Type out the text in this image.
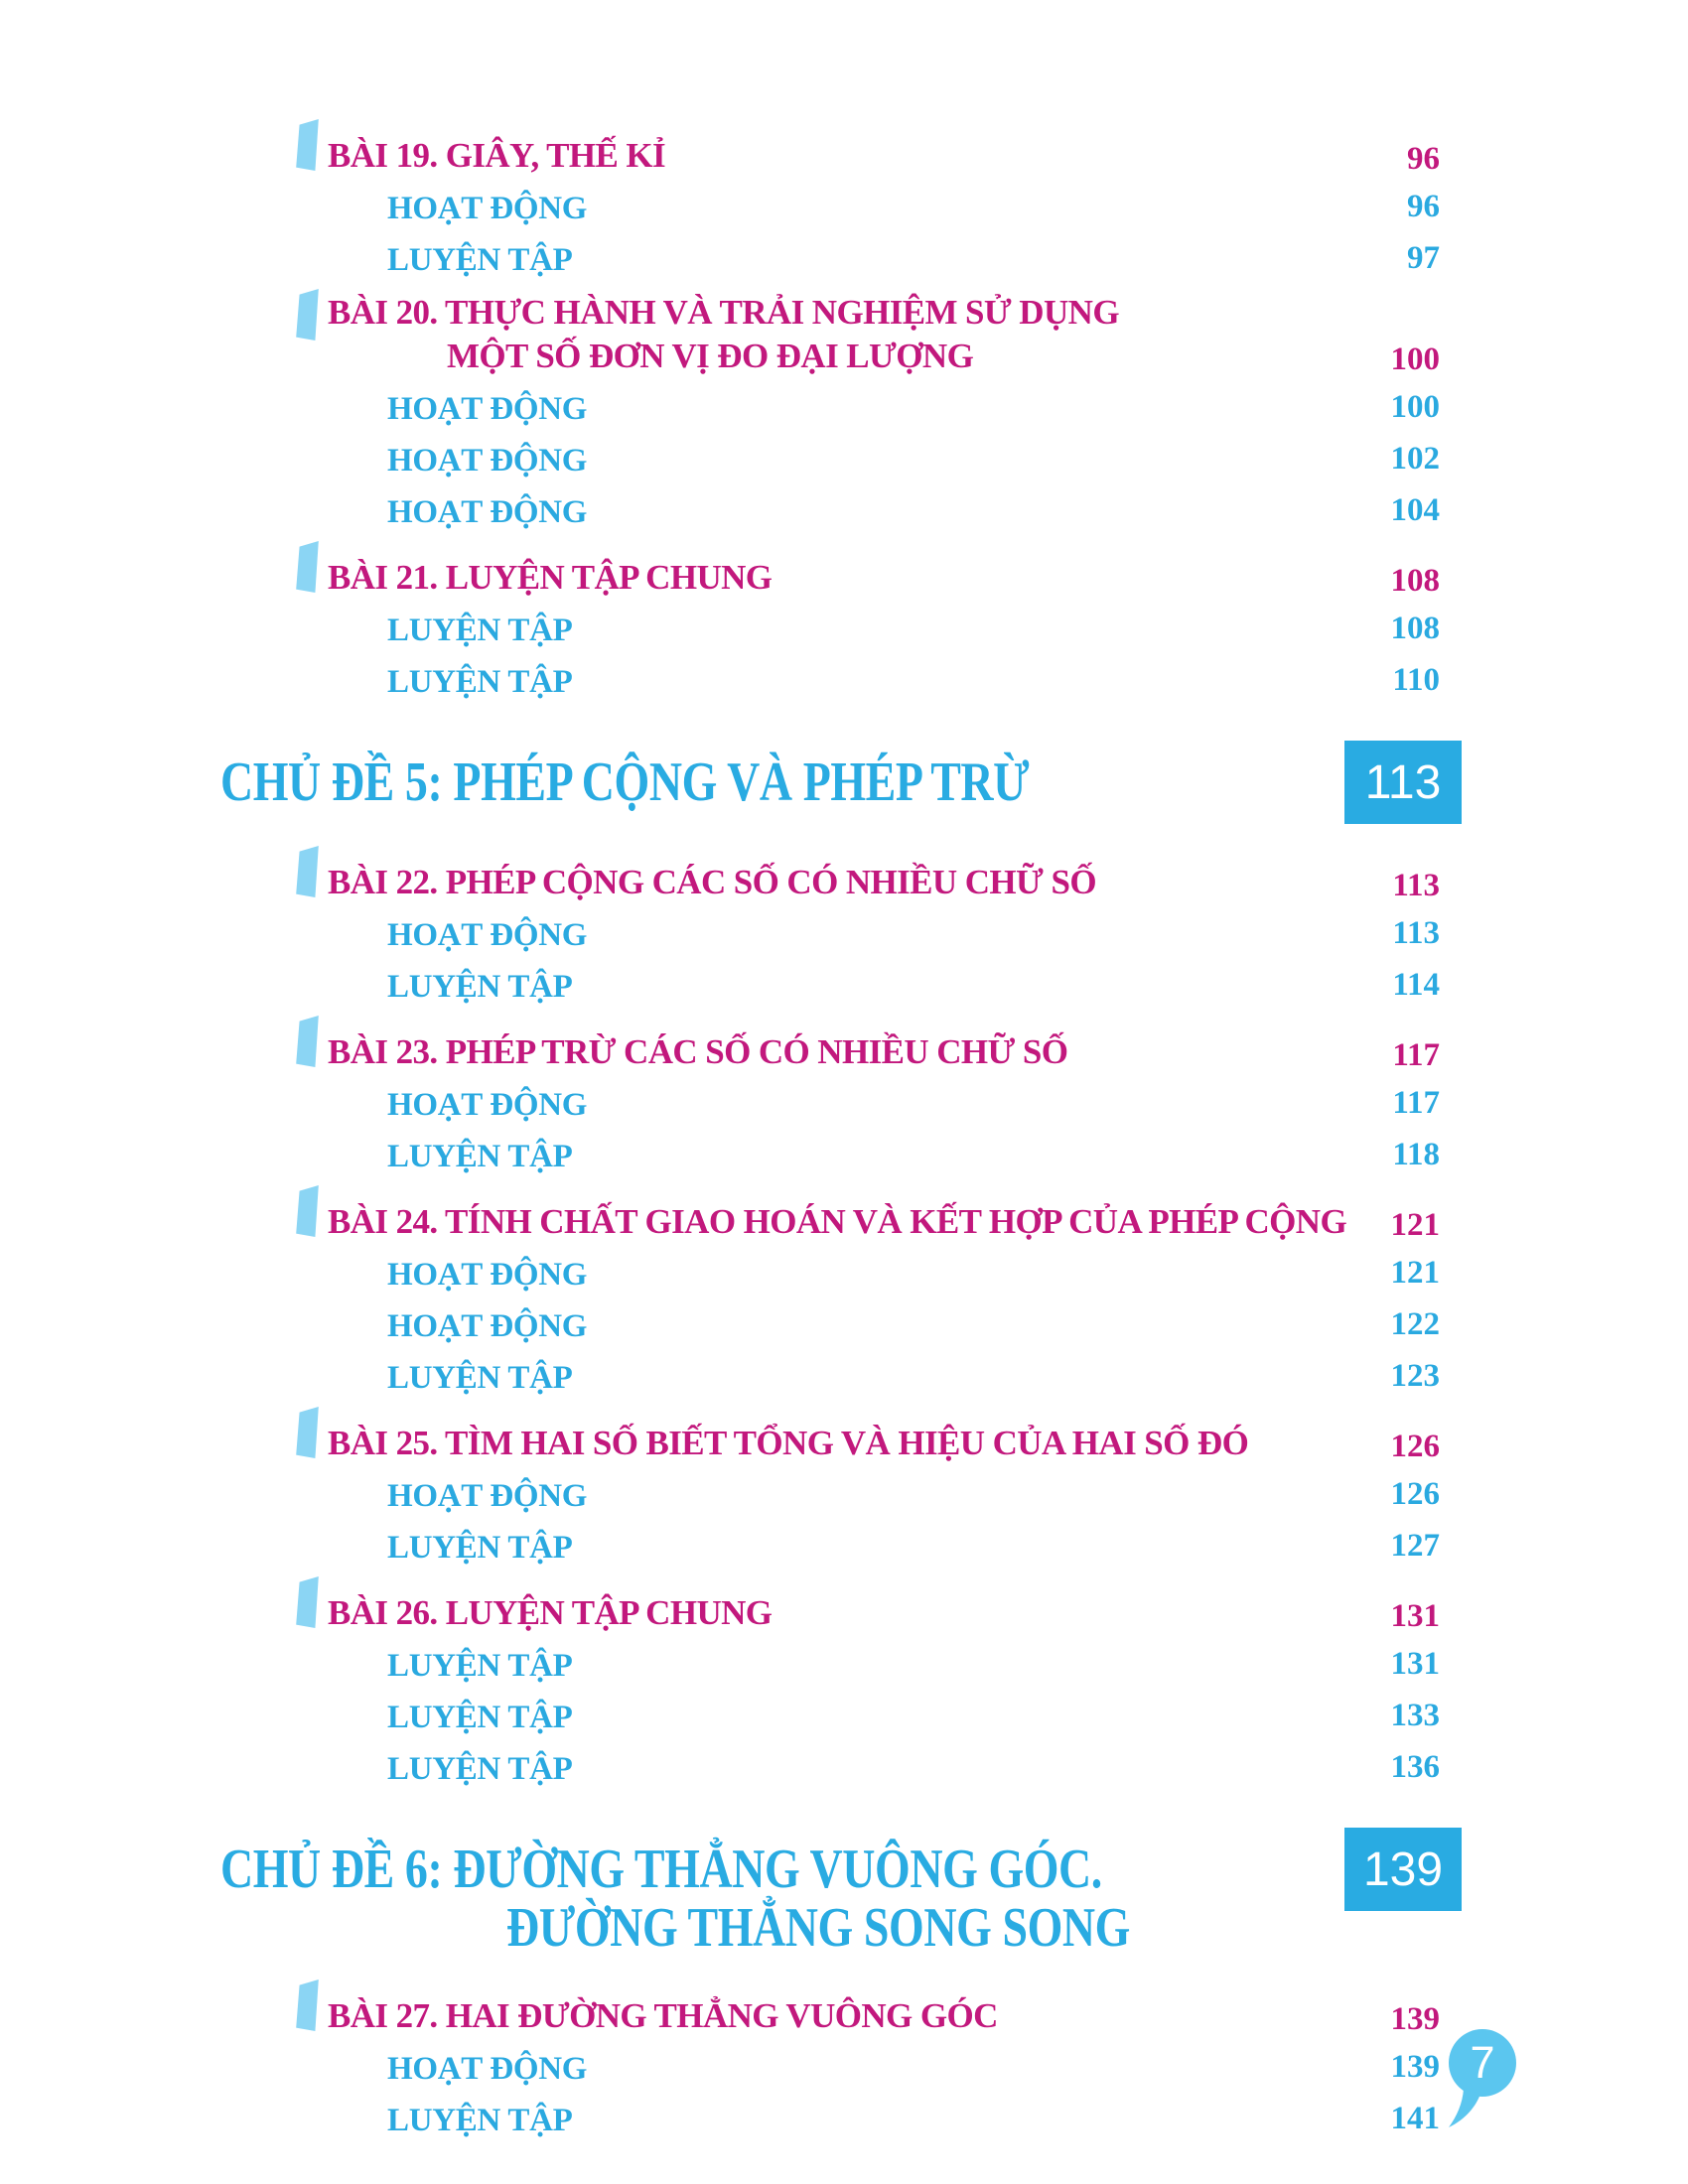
BÀI 19. GIÂY, THẾ KỈ	96
HOẠT ĐỘNG	96
LUYỆN TẬP	97
BÀI 20. THỰC HÀNH VÀ TRẢI NGHIỆM SỬ DỤNG
MỘT SỐ ĐƠN VỊ ĐO ĐẠI LƯỢNG	100
HOẠT ĐỘNG	100
HOẠT ĐỘNG	102
HOẠT ĐỘNG	104
BÀI 21. LUYỆN TẬP CHUNG	108
LUYỆN TẬP	108
LUYỆN TẬP	110
CHỦ ĐỀ 5: PHÉP CỘNG VÀ PHÉP TRỪ	113
BÀI 22. PHÉP CỘNG CÁC SỐ CÓ NHIỀU CHỮ SỐ	113
HOẠT ĐỘNG	113
LUYỆN TẬP	114
BÀI 23. PHÉP TRỪ CÁC SỐ CÓ NHIỀU CHỮ SỐ	117
HOẠT ĐỘNG	117
LUYỆN TẬP	118
BÀI 24. TÍNH CHẤT GIAO HOÁN VÀ KẾT HỢP CỦA PHÉP CỘNG	121
HOẠT ĐỘNG	121
HOẠT ĐỘNG	122
LUYỆN TẬP	123
BÀI 25. TÌM HAI SỐ BIẾT TỔNG VÀ HIỆU CỦA HAI SỐ ĐÓ	126
HOẠT ĐỘNG	126
LUYỆN TẬP	127
BÀI 26. LUYỆN TẬP CHUNG	131
LUYỆN TẬP	131
LUYỆN TẬP	133
LUYỆN TẬP	136
CHỦ ĐỀ 6: ĐƯỜNG THẲNG VUÔNG GÓC.
ĐƯỜNG THẲNG SONG SONG
139
BÀI 27. HAI ĐƯỜNG THẲNG VUÔNG GÓC	139
HOẠT ĐỘNG	139
LUYỆN TẬP	141
7
